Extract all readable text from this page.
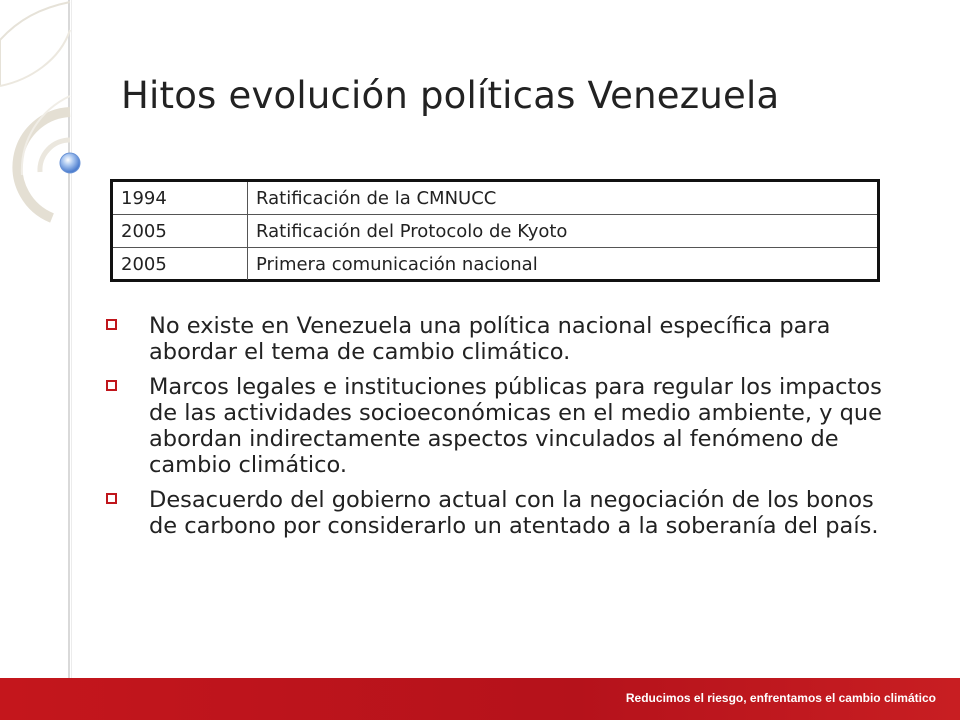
Hitos evolución políticas Venezuela
1994	Ratificación de la CMNUCC
2005	Ratificación del Protocolo de Kyoto
2005	Primera comunicación nacional
No existe en Venezuela una política nacional específica para abordar el tema de cambio climático.
Marcos legales e instituciones públicas para regular los impactos de las actividades socioeconómicas en el medio ambiente, y que abordan indirectamente aspectos vinculados al fenómeno de cambio climático.
Desacuerdo del gobierno actual con la negociación de los bonos de carbono por considerarlo un atentado a la soberanía del país.
Reducimos el riesgo, enfrentamos el cambio climático
